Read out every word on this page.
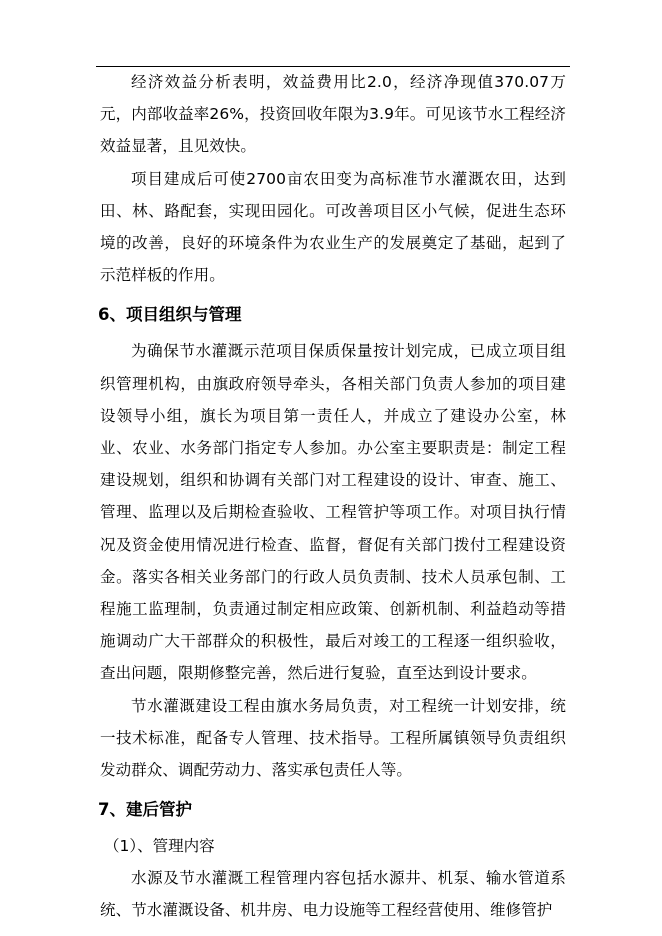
经济效益分析表明，效益费用比2.0，经济净现值370.07万元，内部收益率26%，投资回收年限为3.9年。可见该节水工程经济效益显著，且见效快。

项目建成后可使2700亩农田变为高标准节水灌溉农田，达到田、林、路配套，实现田园化。可改善项目区小气候，促进生态环境的改善，良好的环境条件为农业生产的发展奠定了基础，起到了示范样板的作用。

6、项目组织与管理

为确保节水灌溉示范项目保质保量按计划完成，已成立项目组织管理机构，由旗政府领导牵头，各相关部门负责人参加的项目建设领导小组，旗长为项目第一责任人，并成立了建设办公室，林业、农业、水务部门指定专人参加。办公室主要职责是：制定工程建设规划，组织和协调有关部门对工程建设的设计、审查、施工、管理、监理以及后期检查验收、工程管护等项工作。对项目执行情况及资金使用情况进行检查、监督，督促有关部门拨付工程建设资金。落实各相关业务部门的行政人员负责制、技术人员承包制、工程施工监理制，负责通过制定相应政策、创新机制、利益趋动等措施调动广大干部群众的积极性，最后对竣工的工程逐一组织验收，查出问题，限期修整完善，然后进行复验，直至达到设计要求。

节水灌溉建设工程由旗水务局负责，对工程统一计划安排，统一技术标准，配备专人管理、技术指导。工程所属镇领导负责组织发动群众、调配劳动力、落实承包责任人等。

7、建后管护

（1）、管理内容

水源及节水灌溉工程管理内容包括水源井、机泵、输水管道系统、节水灌溉设备、机井房、电力设施等工程经营使用、维修管护
